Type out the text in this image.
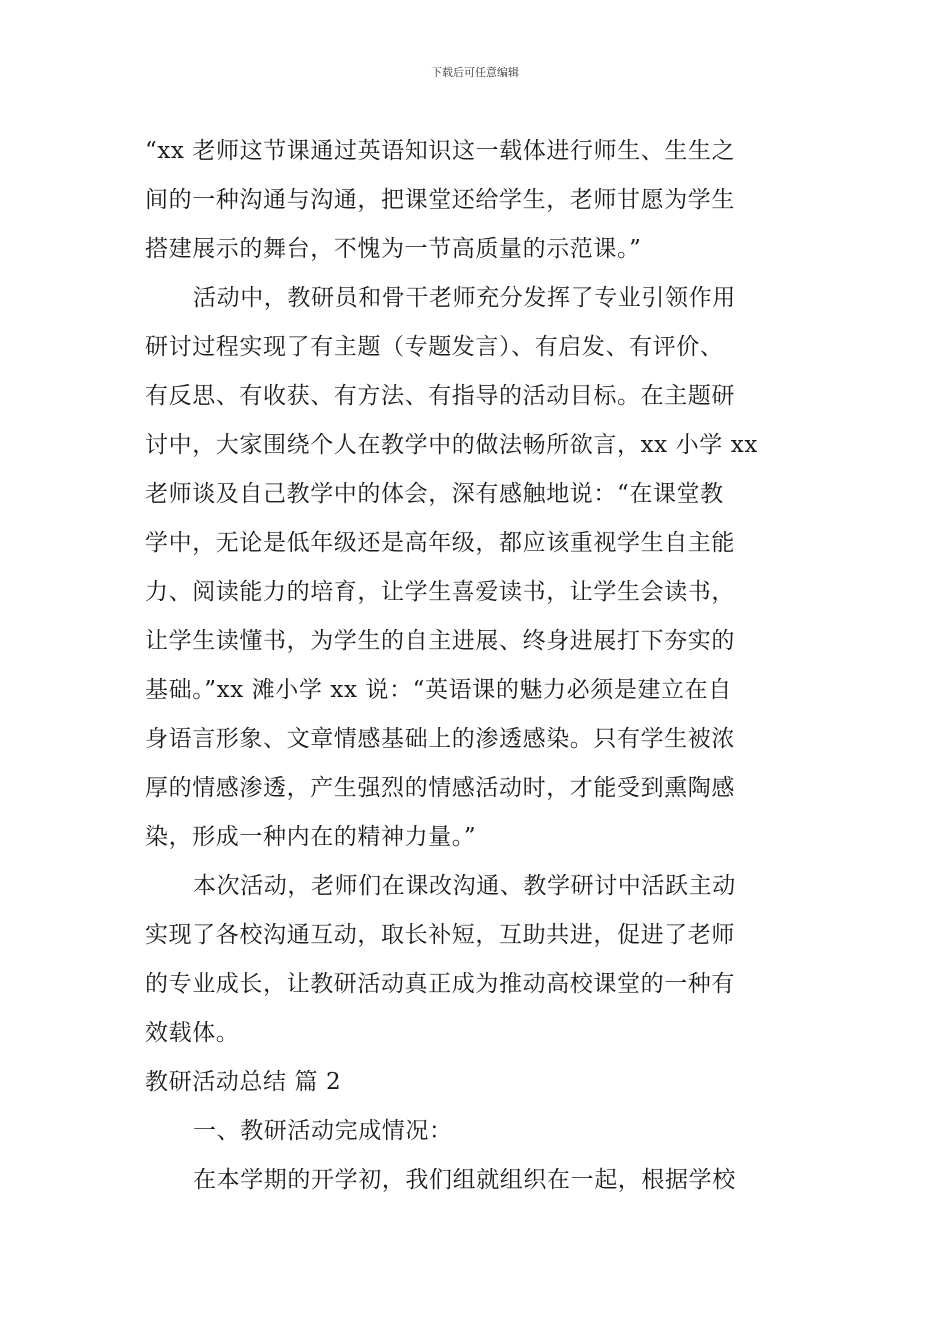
下载后可任意编辑
“xx 老师这节课通过英语知识这一载体进行师生、生生之
间的一种沟通与沟通，把课堂还给学生，老师甘愿为学生
搭建展示的舞台，不愧为一节高质量的示范课。”
活动中，教研员和骨干老师充分发挥了专业引领作用
研讨过程实现了有主题（专题发言）、有启发、有评价、
有反思、有收获、有方法、有指导的活动目标。在主题研
讨中，大家围绕个人在教学中的做法畅所欲言，xx 小学 xx
老师谈及自己教学中的体会，深有感触地说：“在课堂教
学中，无论是低年级还是高年级，都应该重视学生自主能
力、阅读能力的培育，让学生喜爱读书，让学生会读书，
让学生读懂书，为学生的自主进展、终身进展打下夯实的
基础。”xx 滩小学 xx 说：“英语课的魅力必须是建立在自
身语言形象、文章情感基础上的渗透感染。只有学生被浓
厚的情感渗透，产生强烈的情感活动时，才能受到熏陶感
染，形成一种内在的精神力量。”
本次活动，老师们在课改沟通、教学研讨中活跃主动
实现了各校沟通互动，取长补短，互助共进，促进了老师
的专业成长，让教研活动真正成为推动高校课堂的一种有
效载体。
教研活动总结 篇 2
一、教研活动完成情况：
在本学期的开学初，我们组就组织在一起，根据学校
